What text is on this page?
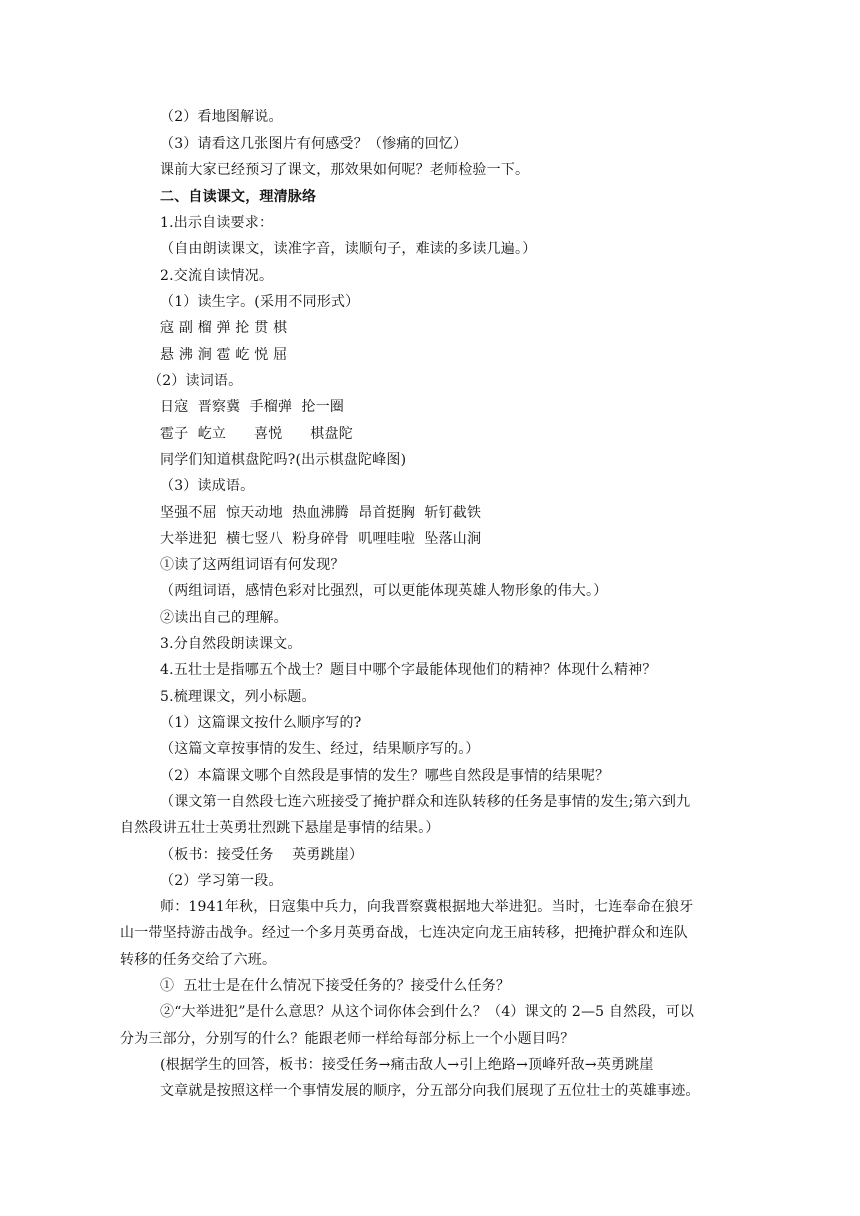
（2）看地图解说。
（3）请看这几张图片有何感受？（惨痛的回忆）
课前大家已经预习了课文，那效果如何呢？老师检验一下。
二、自读课文，理清脉络
1.出示自读要求：
（自由朗读课文，读准字音，读顺句子，难读的多读几遍。）
2.交流自读情况。
（1）读生字。(采用不同形式）
寇 副 榴 弹 抡 贯 棋
悬 沸 涧 雹 屹 悦 屈
（2）读词语。
日寇  晋察冀  手榴弹  抡一圈
雹子  屹立      喜悦      棋盘陀
同学们知道棋盘陀吗?(出示棋盘陀峰图)
（3）读成语。
坚强不屈  惊天动地  热血沸腾  昂首挺胸  斩钉截铁
大举进犯  横七竖八  粉身碎骨  叽哩哇啦  坠落山涧
①读了这两组词语有何发现？
（两组词语，感情色彩对比强烈，可以更能体现英雄人物形象的伟大。）
②读出自己的理解。
3.分自然段朗读课文。
4.五壮士是指哪五个战士？题目中哪个字最能体现他们的精神？体现什么精神？
5.梳理课文，列小标题。
（1）这篇课文按什么顺序写的?
（这篇文章按事情的发生、经过，结果顺序写的。）
（2）本篇课文哪个自然段是事情的发生？哪些自然段是事情的结果呢？
（课文第一自然段七连六班接受了掩护群众和连队转移的任务是事情的发生;第六到九
自然段讲五壮士英勇壮烈跳下悬崖是事情的结果。）
（板书：接受任务    英勇跳崖）
（2）学习第一段。
师：1941年秋，日寇集中兵力，向我晋察冀根据地大举进犯。当时，七连奉命在狼牙
山一带坚持游击战争。经过一个多月英勇奋战，七连决定向龙王庙转移，把掩护群众和连队
转移的任务交给了六班。
①  五壮士是在什么情况下接受任务的？接受什么任务？
②“大举进犯”是什么意思？从这个词你体会到什么？（4）课文的 2—5 自然段，可以
分为三部分，分别写的什么？能跟老师一样给每部分标上一个小题目吗？
(根据学生的回答，板书：接受任务→痛击敌人→引上绝路→顶峰歼敌→英勇跳崖
文章就是按照这样一个事情发展的顺序，分五部分向我们展现了五位壮士的英雄事迹。
